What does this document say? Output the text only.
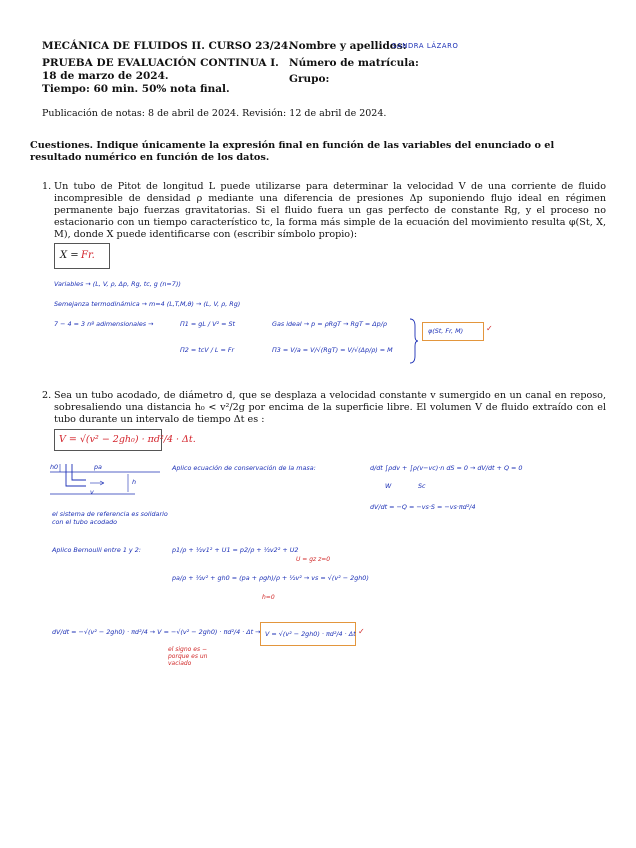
MECÁNICA DE FLUIDOS II. CURSO 23/24.
PRUEBA DE EVALUACIÓN CONTINUA I.
18 de marzo de 2024.
Tiempo: 60 min. 50% nota final.
Nombre y apellidos:
SANDRA LÁZARO
Número de matrícula:
Grupo:
Publicación de notas: 8 de abril de 2024. Revisión: 12 de abril de 2024.
Cuestiones. Indique únicamente la expresión final en función de las variables del enunciado o el resultado numérico en función de los datos.
1. Un tubo de Pitot de longitud L puede utilizarse para determinar la velocidad V de una corriente de fluido incompresible de densidad ρ mediante una diferencia de presiones Δp suponiendo flujo ideal en régimen permanente bajo fuerzas gravitatorias. Si el fluido fuera un gas perfecto de constante Rg, y el proceso no estacionario con un tiempo característico tc, la forma más simple de la ecuación del movimiento resulta φ(St, X, M), donde X puede identificarse con (escribir símbolo propio):
X = Fr.
Variables → (L, V, ρ, Δp, Rg, tc, g (n=7))
Semejanza termodinámica → m=4 (L,T,M,θ) → (L, V, ρ, Rg)
7 − 4 = 3 nº adimensionales →	Π1 = gL / V² = St	Gas ideal → p = ρRgT → RgT = Δp/ρ
Π2 = tcV / L = Fr	Π3 = V/a = V/√(RgT) = V/√(Δp/ρ) = M
φ(St, Fr, M)	✓
2. Sea un tubo acodado, de diámetro d, que se desplaza a velocidad constante v sumergido en un canal en reposo, sobresaliendo una distancia h₀ < v²/2g por encima de la superficie libre. El volumen V de fluido extraído con el tubo durante un intervalo de tiempo Δt es :
V = √(v² − 2gh₀) · πd²/4 · Δt.
h0	pa
h
v
el sistema de referencia es solidario con el tubo acodado
Aplico ecuación de conservación de la masa:	d/dt ∫ρdv + ∫ρ(v−vc)·n dS = 0 → dV/dt + Q = 0
W	Sc
dV/dt = −Q = −vs·S = −vs·πd²/4
Aplico Bernoulli entre 1 y 2:	p1/ρ + ½v1² + U1 = p2/ρ + ½v2² + U2
U = gz z=0
pa/ρ + ½v² + gh0 = (pa + ρgh)/ρ + ½v² → vs = √(v² − 2gh0)
h=0
dV/dt = −√(v² − 2gh0) · πd²/4 → V = −√(v² − 2gh0) · πd²/4 · Δt → V = √(v² − 2gh0) · πd²/4 · Δt ✓
el signo es − porque es un vaciado
